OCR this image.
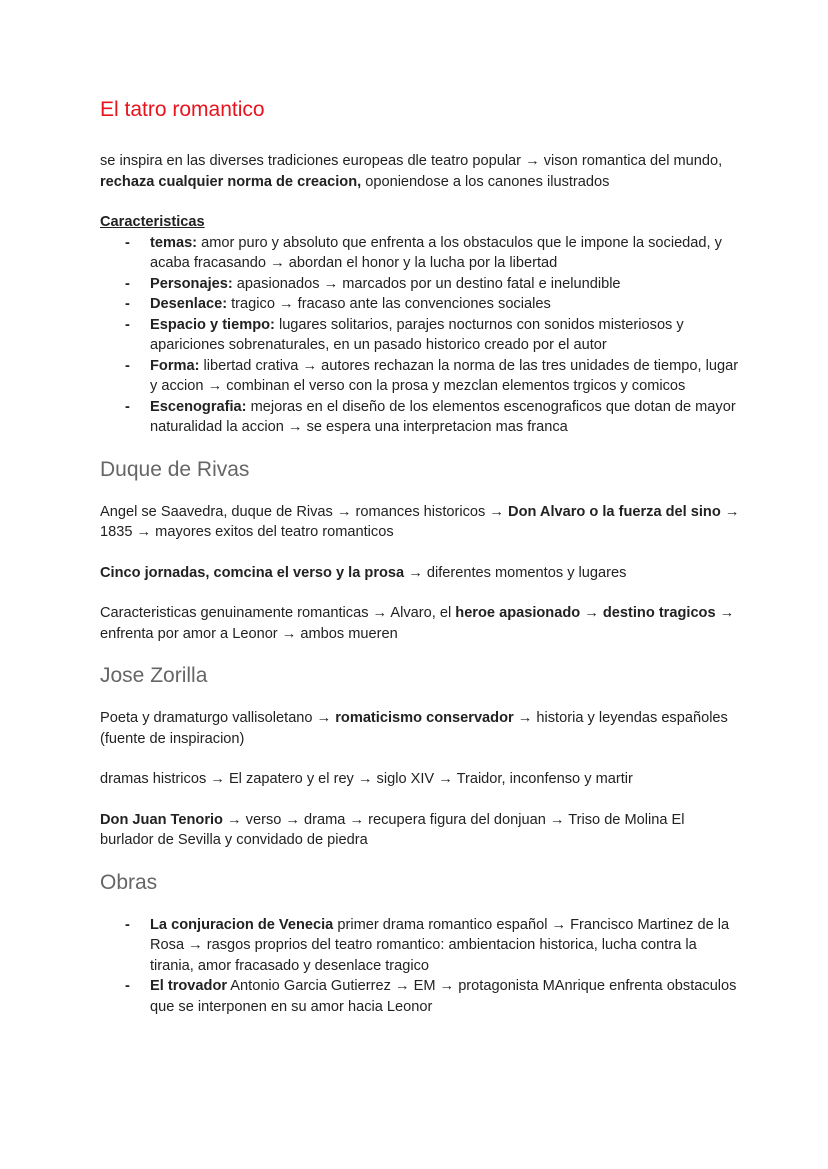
El tatro romantico

se inspira en las diverses tradiciones europeas dle teatro popular → vison romantica del mundo, rechaza cualquier norma de creacion, oponiendose a los canones ilustrados

Caracteristicas
- temas: amor puro y absoluto que enfrenta a los obstaculos que le impone la sociedad, y acaba fracasando → abordan el honor y la lucha por la libertad
- Personajes: apasionados → marcados por un destino fatal e inelundible
- Desenlace: tragico → fracaso ante las convenciones sociales
- Espacio y tiempo: lugares solitarios, parajes nocturnos con sonidos misteriosos y apariciones sobrenaturales, en un pasado historico creado por el autor
- Forma: libertad crativa → autores rechazan la norma de las tres unidades de tiempo, lugar y accion → combinan el verso con la prosa y mezclan elementos trgicos y comicos
- Escenografia: mejoras en el diseño de los elementos escenograficos que dotan de mayor naturalidad la accion → se espera una interpretacion mas franca
Duque de Rivas

Angel se Saavedra, duque de Rivas → romances historicos → Don Alvaro o la fuerza del sino → 1835 → mayores exitos del teatro romanticos

Cinco jornadas, comcina el verso y la prosa → diferentes momentos y lugares

Caracteristicas genuinamente romanticas → Alvaro, el heroe apasionado → destino tragicos → enfrenta por amor a Leonor → ambos mueren

Jose Zorilla

Poeta y dramaturgo vallisoletano → romaticismo conservador → historia y leyendas españoles (fuente de inspiracion)

dramas histricos → El zapatero y el rey → siglo XIV → Traidor, inconfenso y martir

Don Juan Tenorio → verso → drama → recupera figura del donjuan → Triso de Molina El burlador de Sevilla y convidado de piedra

Obras
- La conjuracion de Venecia primer drama romantico español → Francisco Martinez de la Rosa → rasgos proprios del teatro romantico: ambientacion historica, lucha contra la tirania, amor fracasado y desenlace tragico
- El trovador Antonio Garcia Gutierrez → EM → protagonista MAnrique enfrenta obstaculos que se interponen en su amor hacia Leonor
